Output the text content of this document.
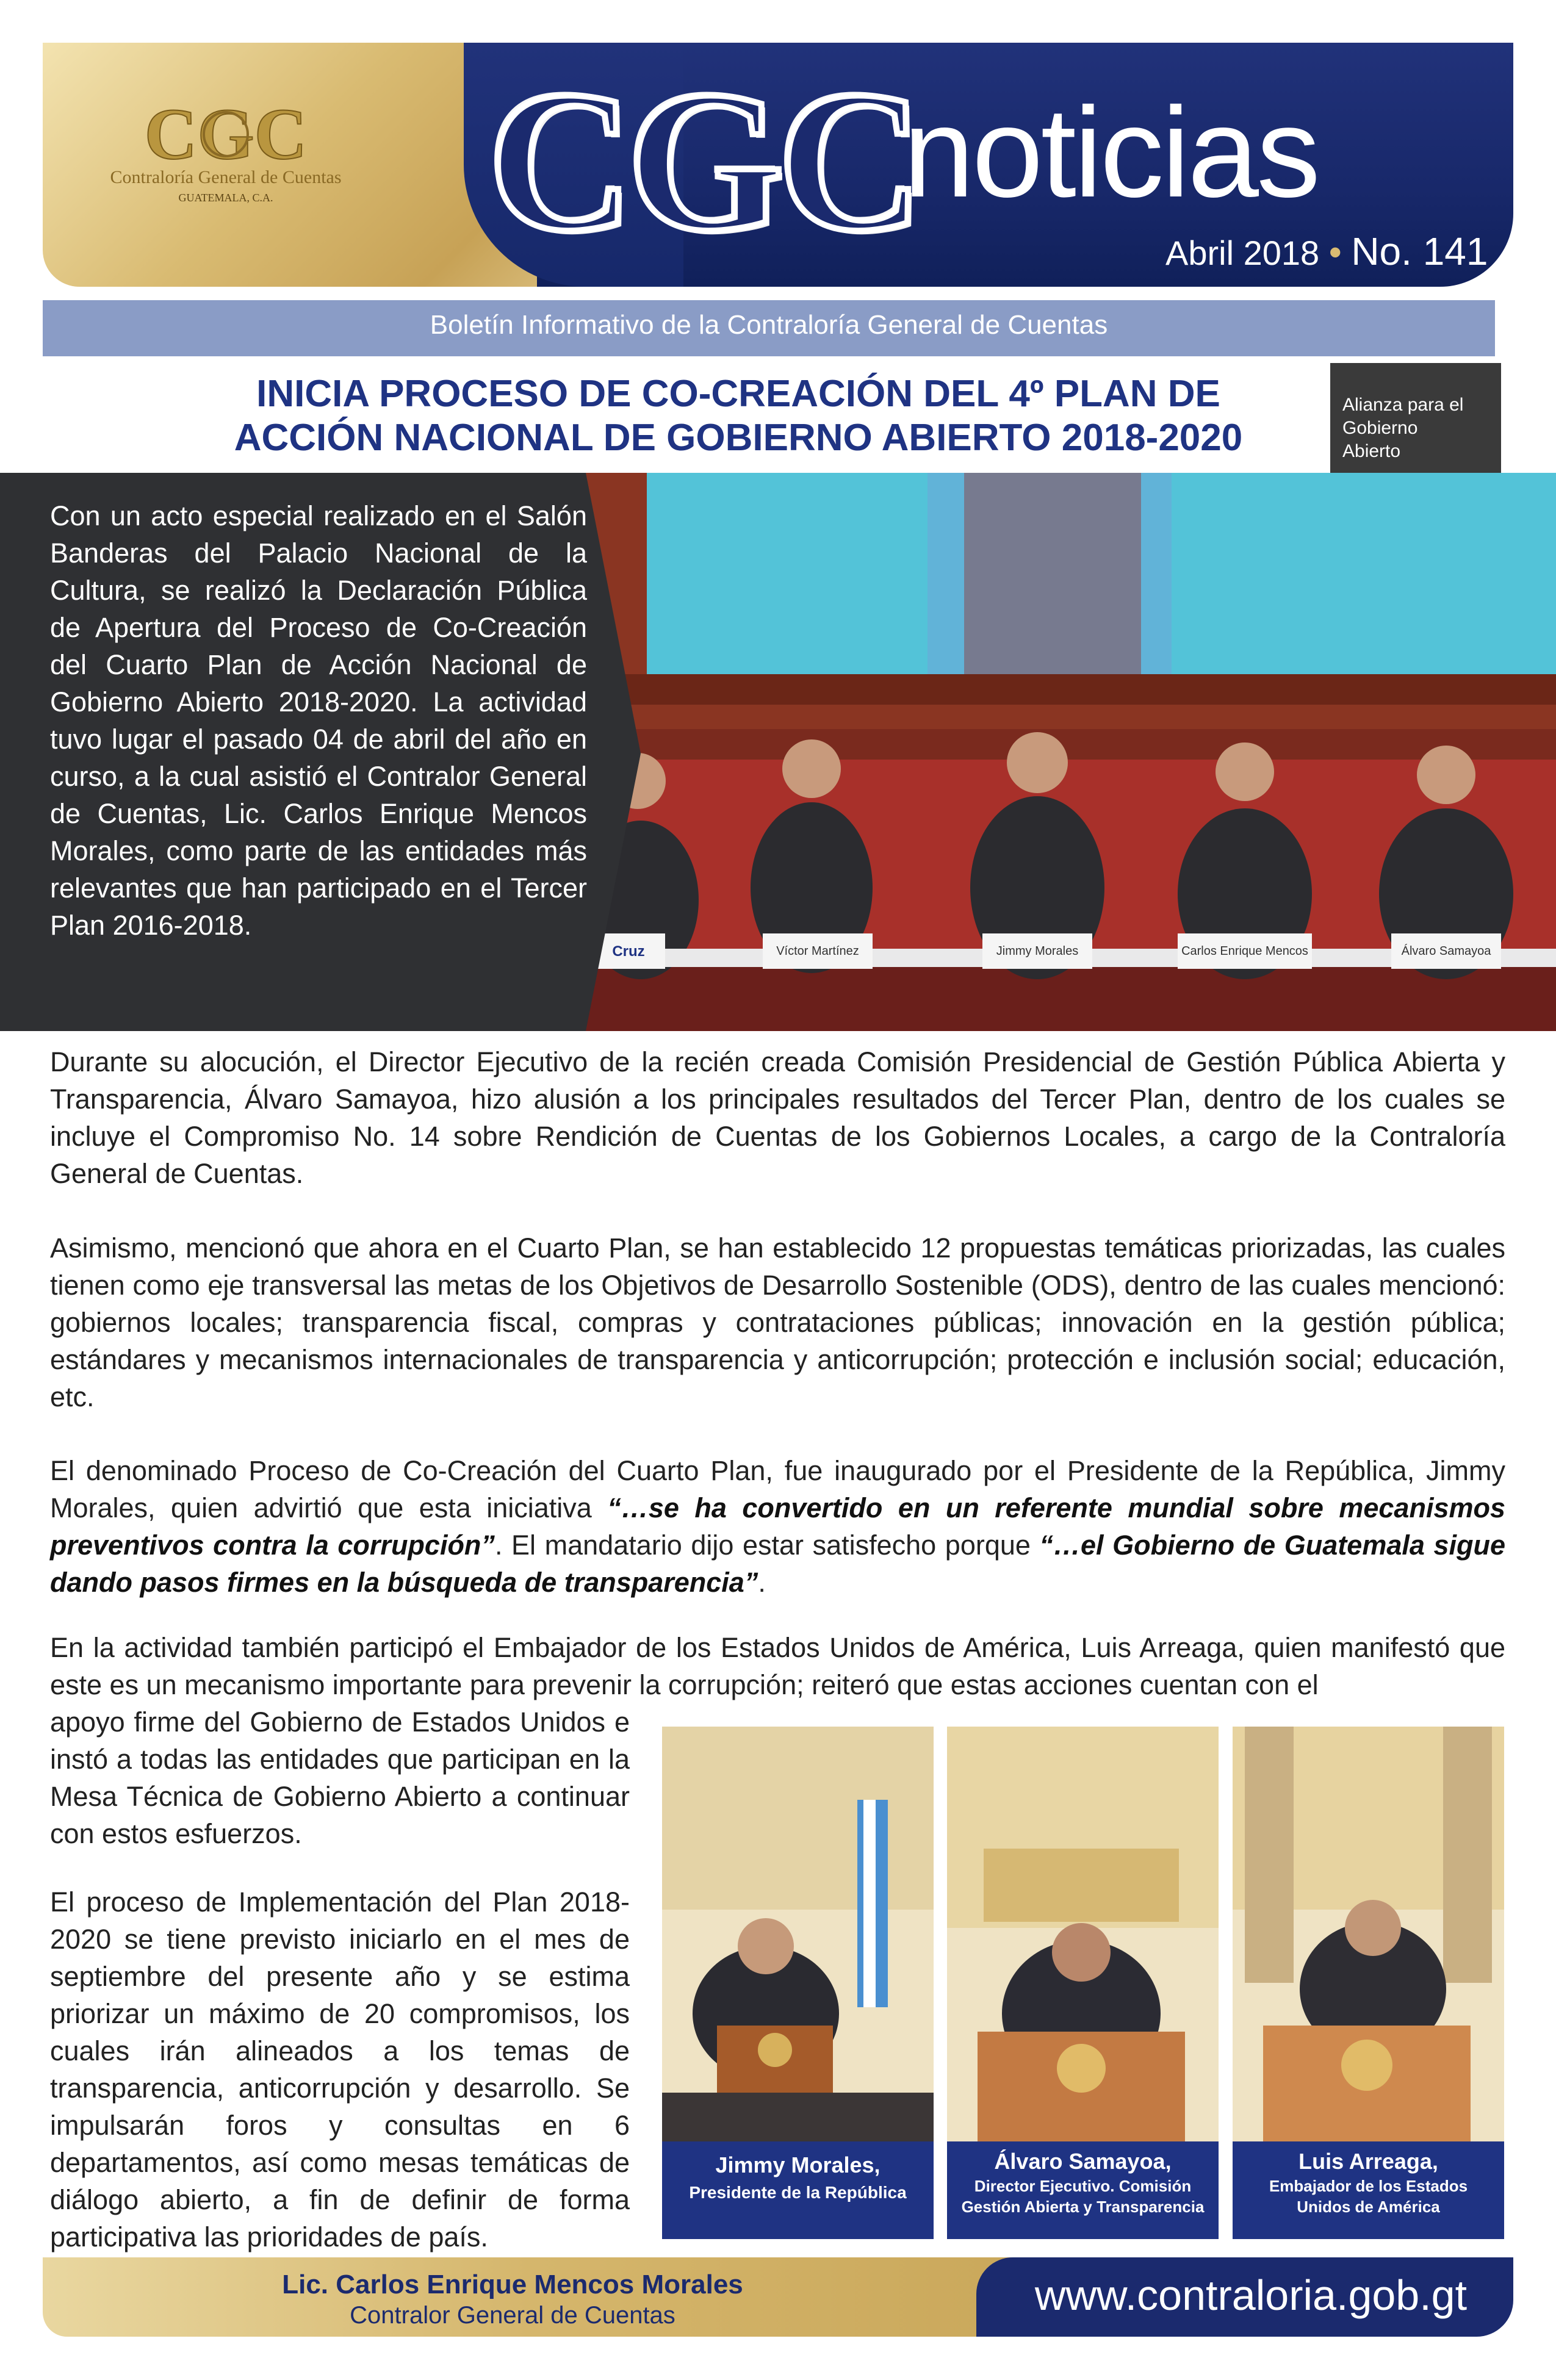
CGC
Contraloría General de Cuentas
GUATEMALA, C.A. CGC
noticias
Abril 2018 • No. 141
Boletín Informativo de la Contraloría General de Cuentas
INICIA PROCESO DE CO-CREACIÓN DEL 4º PLAN DE
ACCIÓN NACIONAL DE GOBIERNO ABIERTO 2018-2020
Alianza para el
Gobierno
Abierto
Cruz	Víctor Martínez	Jimmy Morales	Carlos Enrique Mencos	Álvaro Samayoa
Con un acto especial realizado en el Salón Banderas del Palacio Nacional de la Cultura, se realizó la Declaración Pública de Apertura del Proceso de Co-Creación del Cuarto Plan de Acción Nacional de Gobierno Abierto 2018-2020. La actividad tuvo lugar el pasado 04 de abril del año en curso, a la cual asistió el Contralor General de Cuentas, Lic. Carlos Enrique Mencos Morales, como parte de las entidades más relevantes que han participado en el Tercer Plan 2016-2018.
Durante su alocución, el Director Ejecutivo de la recién creada Comisión Presidencial de Gestión Pública Abierta y Transparencia, Álvaro Samayoa, hizo alusión a los principales resultados del Tercer Plan, dentro de los cuales se incluye el Compromiso No. 14 sobre Rendición de Cuentas de los Gobiernos Locales, a cargo de la Contraloría General de Cuentas.
Asimismo, mencionó que ahora en el Cuarto Plan, se han establecido 12 propuestas temáticas priorizadas, las cuales tienen como eje transversal las metas de los Objetivos de Desarrollo Sostenible (ODS), dentro de las cuales mencionó: gobiernos locales; transparencia fiscal, compras y contrataciones públicas; innovación en la gestión pública; estándares y mecanismos internacionales de transparencia y anticorrupción; protección e inclusión social; educación, etc.
El denominado Proceso de Co-Creación del Cuarto Plan, fue inaugurado por el Presidente de la República, Jimmy Morales, quien advirtió que esta iniciativa “…se ha convertido en un referente mundial sobre mecanismos preventivos contra la corrupción”. El mandatario dijo estar satisfecho porque “…el Gobierno de Guatemala sigue dando pasos firmes en la búsqueda de transparencia”.
En la actividad también participó el Embajador de los Estados Unidos de América, Luis Arreaga, quien manifestó que este es un mecanismo importante para prevenir la corrupción; reiteró que estas acciones cuentan con el
apoyo firme del Gobierno de Estados Unidos e instó a todas las entidades que participan en la Mesa Técnica de Gobierno Abierto a continuar con estos esfuerzos.
El proceso de Implementación del Plan 2018-2020 se tiene previsto iniciarlo en el mes de septiembre del presente año y se estima priorizar un máximo de 20 compromisos, los cuales irán alineados a los temas de transparencia, anticorrupción y desarrollo. Se impulsarán foros y consultas en 6 departamentos, así como mesas temáticas de diálogo abierto, a fin de definir de forma participativa las prioridades de país.
Jimmy Morales,
Presidente de la República
Álvaro Samayoa,
Director Ejecutivo. Comisión
Gestión Abierta y Transparencia
Luis Arreaga,
Embajador de los Estados
Unidos de América
Lic. Carlos Enrique Mencos Morales
Contralor General de Cuentas	www.contraloria.gob.gt
